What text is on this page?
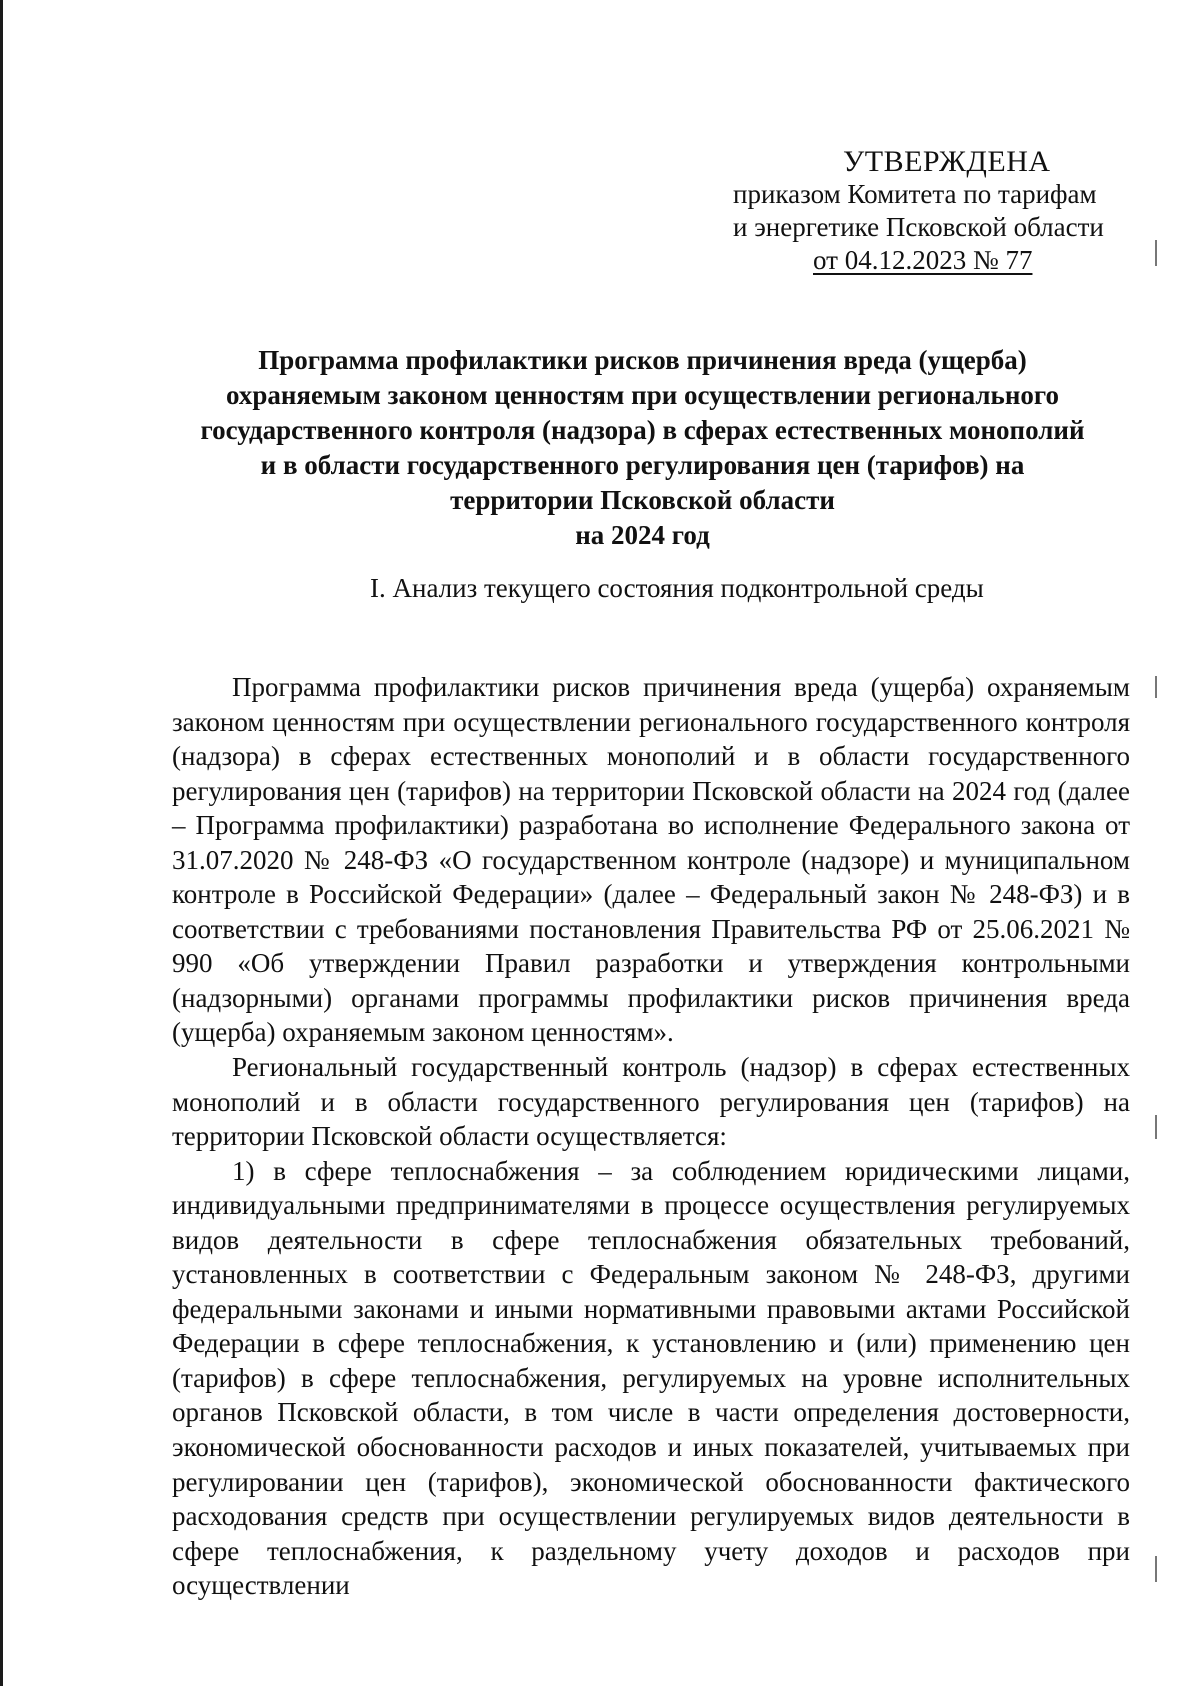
УТВЕРЖДЕНА
приказом Комитета по тарифам
и энергетике Псковской области
от 04.12.2023 № 77
Программа профилактики рисков причинения вреда (ущерба)
охраняемым законом ценностям при осуществлении регионального
государственного контроля (надзора) в сферах естественных монополий
и в области государственного регулирования цен (тарифов) на
территории Псковской области
на 2024 год
I. Анализ текущего состояния подконтрольной среды

Программа профилактики рисков причинения вреда (ущерба) охраняемым законом ценностям при осуществлении регионального государственного контроля (надзора) в сферах естественных монополий и в области государственного регулирования цен (тарифов) на территории Псковской области на 2024 год (далее – Программа профилактики) разработана во исполнение Федерального закона от 31.07.2020 № 248-ФЗ «О государственном контроле (надзоре) и муниципальном контроле в Российской Федерации» (далее – Федеральный закон № 248-ФЗ) и в соответствии с требованиями постановления Правительства РФ от 25.06.2021 № 990 «Об утверждении Правил разработки и утверждения контрольными (надзорными) органами программы профилактики рисков причинения вреда (ущерба) охраняемым законом ценностям».

Региональный государственный контроль (надзор) в сферах естественных монополий и в области государственного регулирования цен (тарифов) на территории Псковской области осуществляется:

1) в сфере теплоснабжения – за соблюдением юридическими лицами, индивидуальными предпринимателями в процессе осуществления регулируемых видов деятельности в сфере теплоснабжения обязательных требований, установленных в соответствии с Федеральным законом № 248-ФЗ, другими федеральными законами и иными нормативными правовыми актами Российской Федерации в сфере теплоснабжения, к установлению и (или) применению цен (тарифов) в сфере теплоснабжения, регулируемых на уровне исполнительных органов Псковской области, в том числе в части определения достоверности, экономической обоснованности расходов и иных показателей, учитываемых при регулировании цен (тарифов), экономической обоснованности фактического расходования средств при осуществлении регулируемых видов деятельности в сфере теплоснабжения, к раздельному учету доходов и расходов при осуществлении
